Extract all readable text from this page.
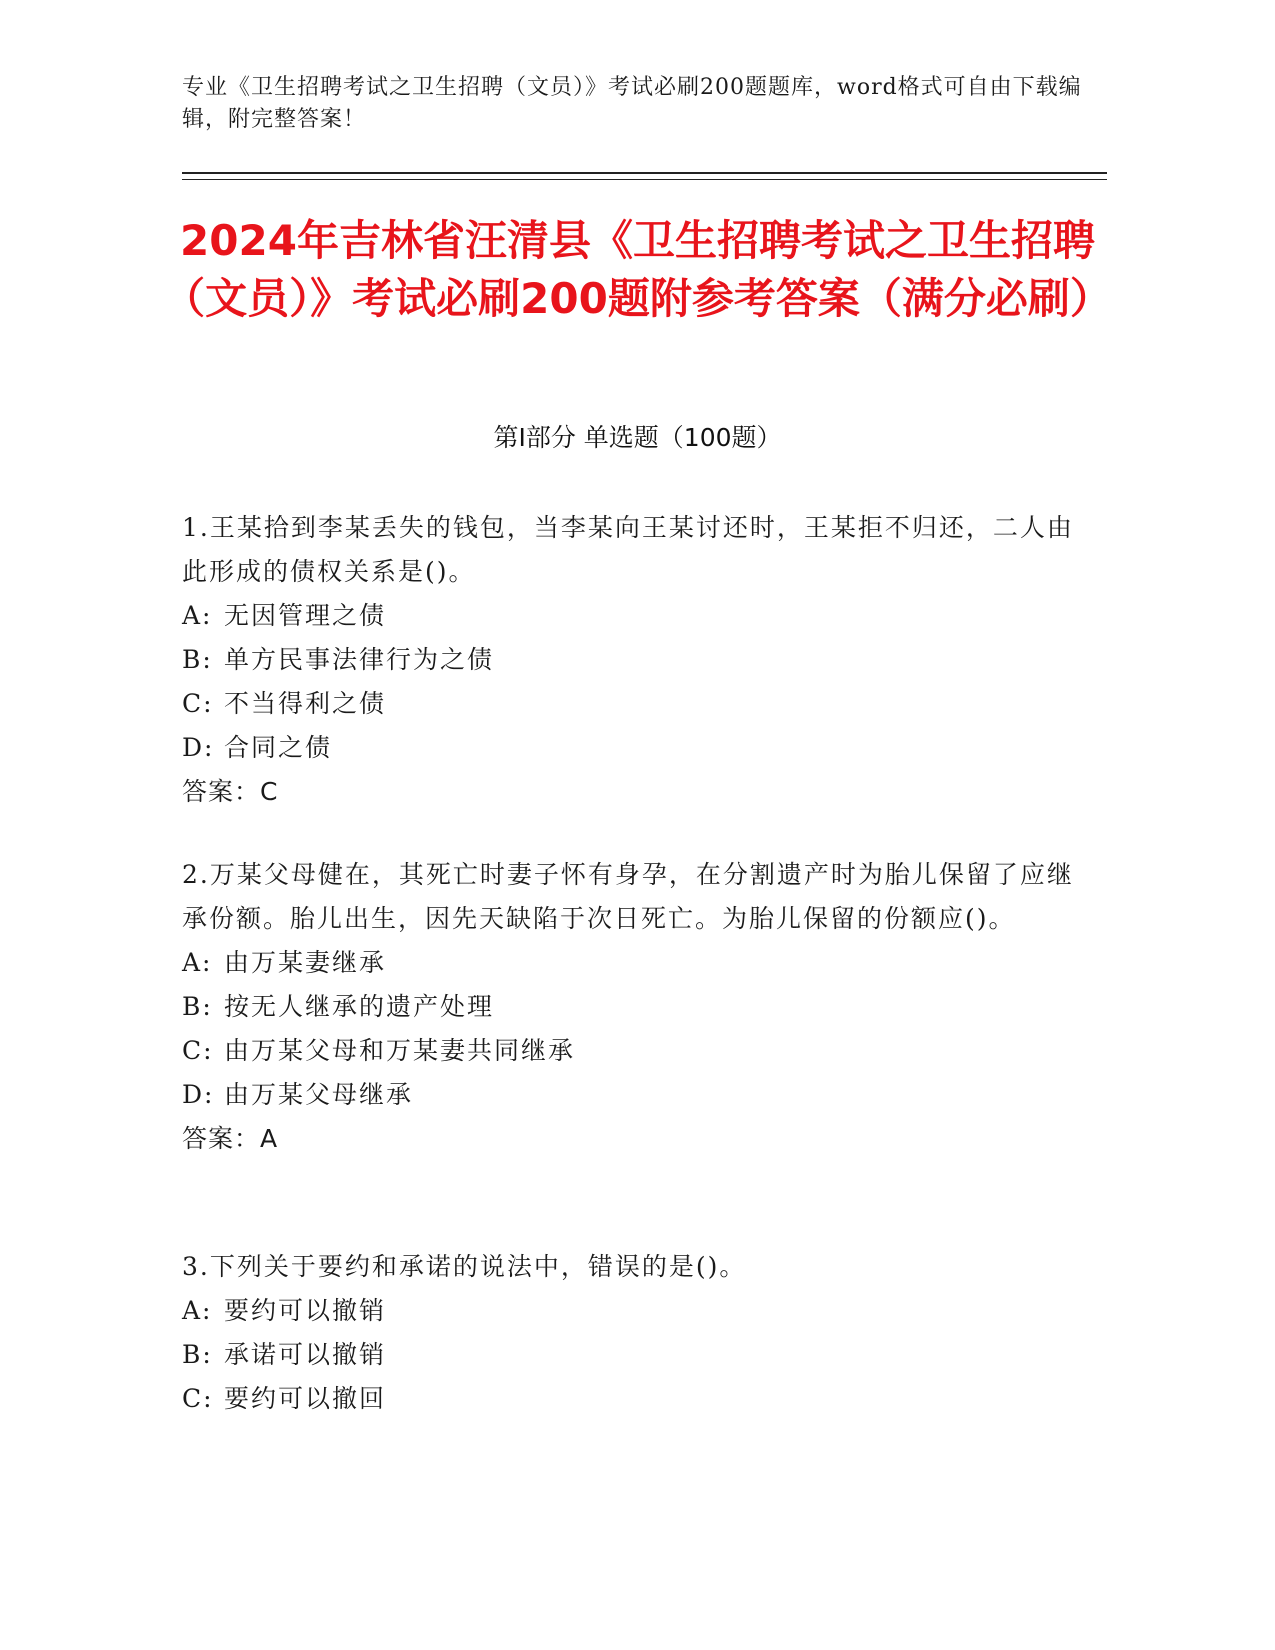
专业《卫生招聘考试之卫生招聘（文员）》考试必刷200题题库，word格式可自由下载编辑，附完整答案！
2024年吉林省汪清县《卫生招聘考试之卫生招聘（文员）》考试必刷200题附参考答案（满分必刷）
第I部分 单选题（100题）
1.王某拾到李某丢失的钱包，当李某向王某讨还时，王某拒不归还，二人由此形成的债权关系是()。
A: 无因管理之债
B: 单方民事法律行为之债
C: 不当得利之债
D: 合同之债
答案：C
2.万某父母健在，其死亡时妻子怀有身孕，在分割遗产时为胎儿保留了应继承份额。胎儿出生，因先天缺陷于次日死亡。为胎儿保留的份额应()。
A: 由万某妻继承
B: 按无人继承的遗产处理
C: 由万某父母和万某妻共同继承
D: 由万某父母继承
答案：A
3.下列关于要约和承诺的说法中，错误的是()。
A: 要约可以撤销
B: 承诺可以撤销
C: 要约可以撤回
